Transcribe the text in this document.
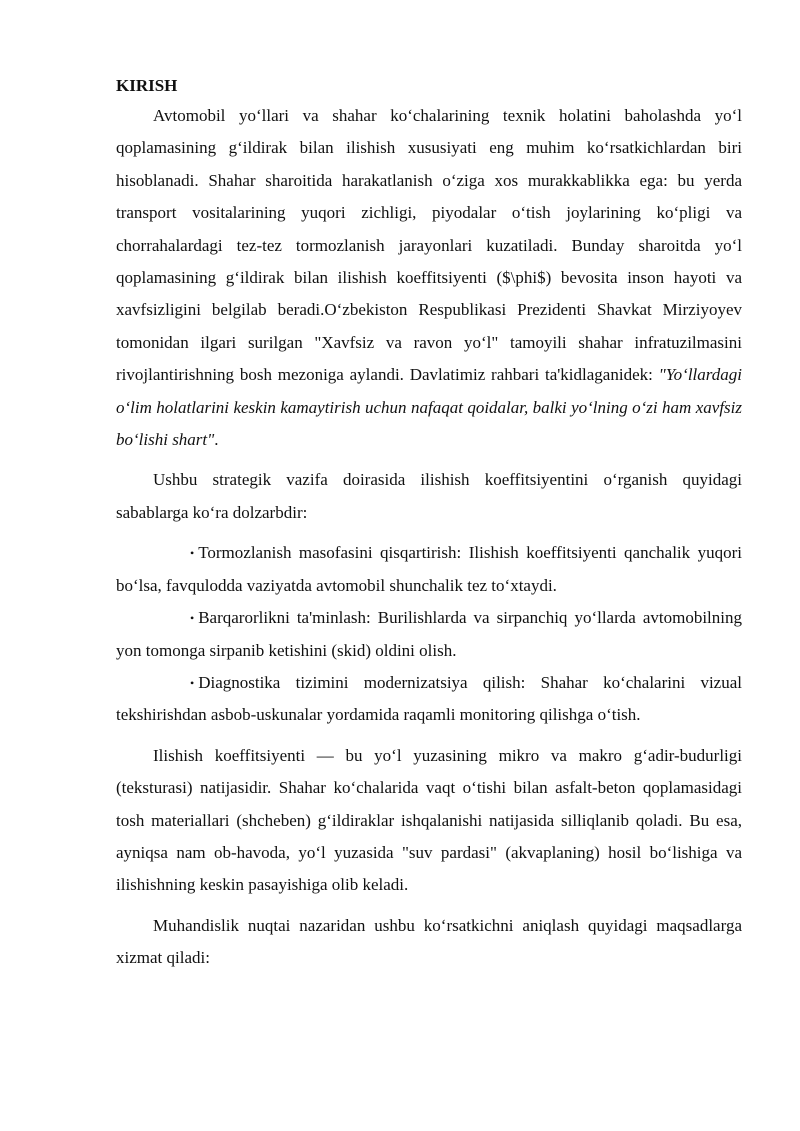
KIRISH

Avtomobil yo‘llari va shahar ko‘chalarining texnik holatini baholashda yo‘l qoplamasining g‘ildirak bilan ilishish xususiyati eng muhim ko‘rsatkichlardan biri hisoblanadi. Shahar sharoitida harakatlanish o‘ziga xos murakkablikka ega: bu yerda transport vositalarining yuqori zichligi, piyodalar o‘tish joylarining ko‘pligi va chorrahalardagi tez-tez tormozlanish jarayonlari kuzatiladi. Bunday sharoitda yo‘l qoplamasining g‘ildirak bilan ilishish koeffitsiyenti ($\phi$) bevosita inson hayoti va xavfsizligini belgilab beradi.O‘zbekiston Respublikasi Prezidenti Shavkat Mirziyoyev tomonidan ilgari surilgan "Xavfsiz va ravon yo‘l" tamoyili shahar infratuzilmasini rivojlantirishning bosh mezoniga aylandi. Davlatimiz rahbari ta'kidlaganidek: "Yo‘llardagi o‘lim holatlarini keskin kamaytirish uchun nafaqat qoidalar, balki yo‘lning o‘zi ham xavfsiz bo‘lishi shart".

Ushbu strategik vazifa doirasida ilishish koeffitsiyentini o‘rganish quyidagi sabablarga ko‘ra dolzarbdir:

• Tormozlanish masofasini qisqartirish: Ilishish koeffitsiyenti qanchalik yuqori bo‘lsa, favqulodda vaziyatda avtomobil shunchalik tez to‘xtaydi.

• Barqarorlikni ta'minlash: Burilishlarda va sirpanchiq yo‘llarda avtomobilning yon tomonga sirpanib ketishini (skid) oldini olish.

• Diagnostika tizimini modernizatsiya qilish: Shahar ko‘chalarini vizual tekshirishdan asbob-uskunalar yordamida raqamli monitoring qilishga o‘tish.

Ilishish koeffitsiyenti — bu yo‘l yuzasining mikro va makro g‘adir-budurligi (teksturasi) natijasidir. Shahar ko‘chalarida vaqt o‘tishi bilan asfalt-beton qoplamasidagi tosh materiallari (shcheben) g‘ildiraklar ishqalanishi natijasida silliqlanib qoladi. Bu esa, ayniqsa nam ob-havoda, yo‘l yuzasida "suv pardasi" (akvaplaning) hosil bo‘lishiga va ilishishning keskin pasayishiga olib keladi.

Muhandislik nuqtai nazaridan ushbu ko‘rsatkichni aniqlash quyidagi maqsadlarga xizmat qiladi:
